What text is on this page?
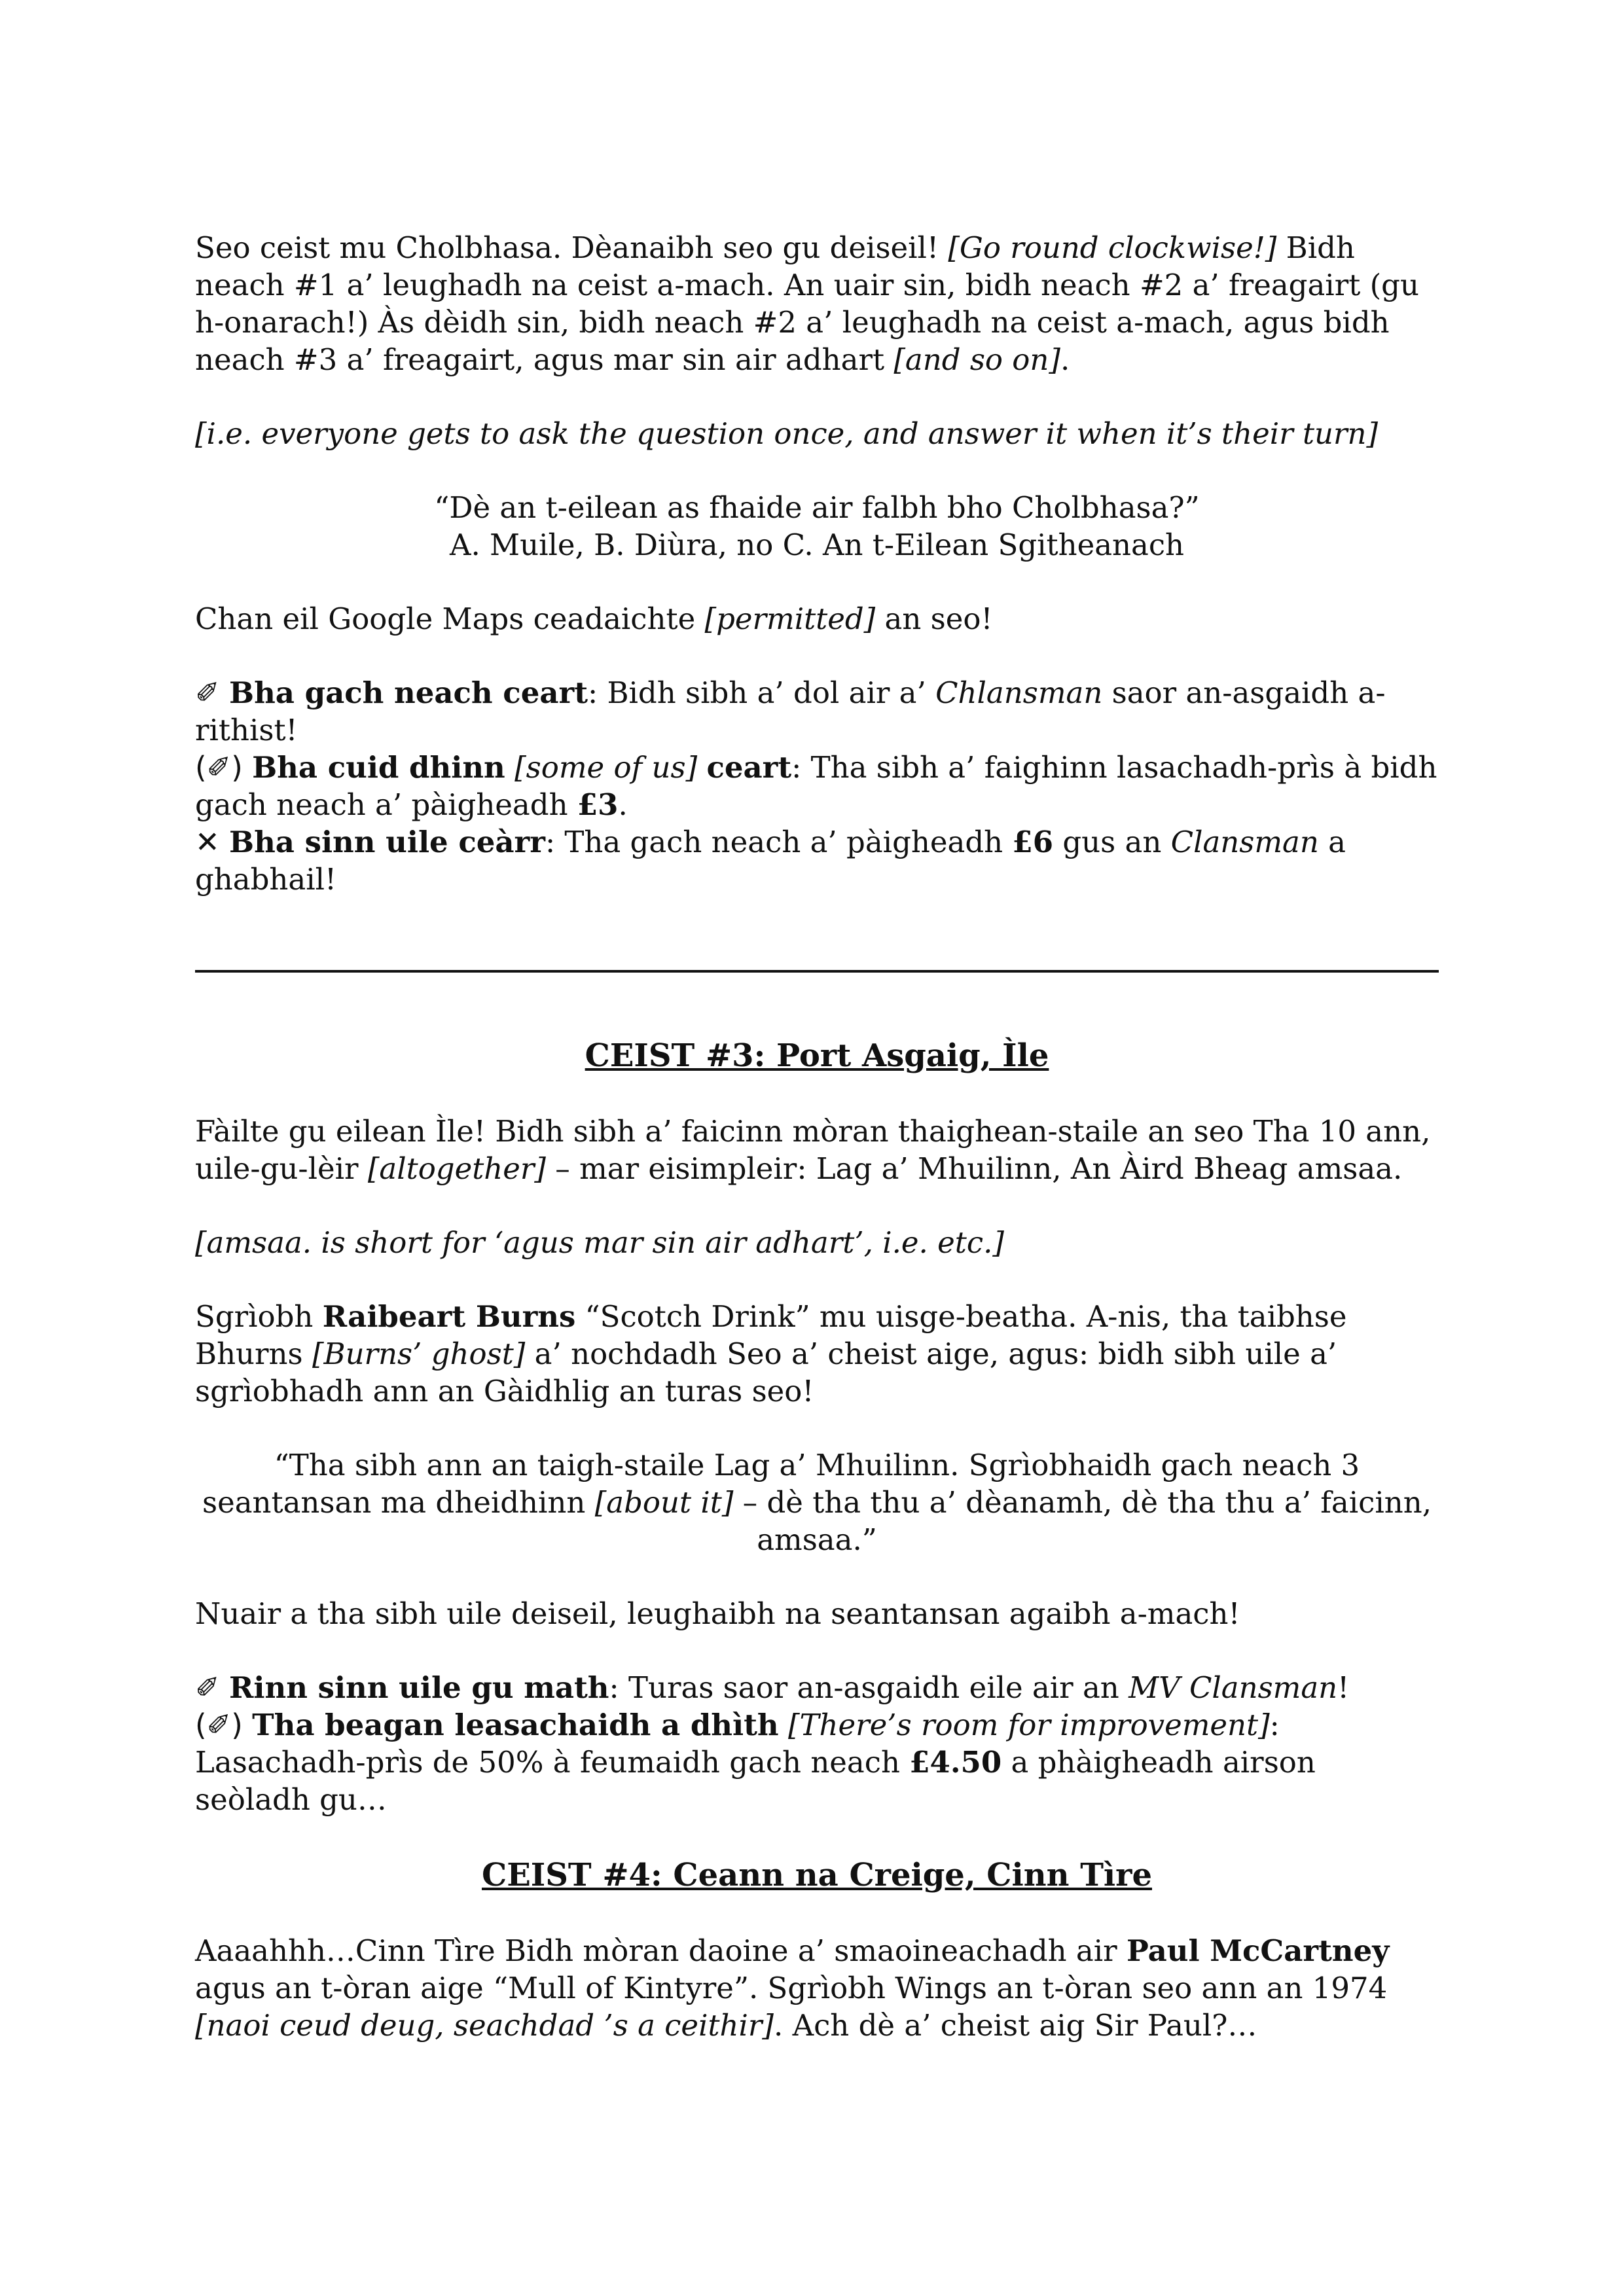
Seo ceist mu Cholbhasa. Dèanaibh seo gu deiseil! [Go round clockwise!] Bidh neach #1 a’ leughadh na ceist a-mach. An uair sin, bidh neach #2 a’ freagairt (gu h-onarach!) Às dèidh sin, bidh neach #2 a’ leughadh na ceist a-mach, agus bidh neach #3 a’ freagairt, agus mar sin air adhart [and so on].

[i.e. everyone gets to ask the question once, and answer it when it’s their turn]

“Dè an t-eilean as fhaide air falbh bho Cholbhasa?”

A. Muile, B. Diùra, no C. An t-Eilean Sgitheanach

Chan eil Google Maps ceadaichte [permitted] an seo!

✐ Bha gach neach ceart: Bidh sibh a’ dol air a’ Chlansman saor an-asgaidh a-rithist!

(✐) Bha cuid dhinn [some of us] ceart: Tha sibh a’ faighinn lasachadh-prìs à bidh gach neach a’ pàigheadh £3.

✕ Bha sinn uile ceàrr: Tha gach neach a’ pàigheadh £6 gus an Clansman a ghabhail!

CEIST #3: Port Asgaig, Ìle

Fàilte gu eilean Ìle! Bidh sibh a’ faicinn mòran thaighean-staile an seo Tha 10 ann, uile-gu-lèir [altogether] – mar eisimpleir: Lag a’ Mhuilinn, An Àird Bheag amsaa.

[amsaa. is short for ‘agus mar sin air adhart’, i.e. etc.]

Sgrìobh Raibeart Burns “Scotch Drink” mu uisge-beatha. A-nis, tha taibhse Bhurns [Burns’ ghost] a’ nochdadh Seo a’ cheist aige, agus: bidh sibh uile a’ sgrìobhadh ann an Gàidhlig an turas seo!

“Tha sibh ann an taigh-staile Lag a’ Mhuilinn. Sgrìobhaidh gach neach 3 seantansan ma dheidhinn [about it] – dè tha thu a’ dèanamh, dè tha thu a’ faicinn, amsaa.”

Nuair a tha sibh uile deiseil, leughaibh na seantansan agaibh a-mach!

✐ Rinn sinn uile gu math: Turas saor an-asgaidh eile air an MV Clansman!

(✐) Tha beagan leasachaidh a dhìth [There’s room for improvement]: Lasachadh-prìs de 50% à feumaidh gach neach £4.50 a phàigheadh airson seòladh gu…

CEIST #4: Ceann na Creige, Cinn Tìre

Aaaahhh…Cinn Tìre Bidh mòran daoine a’ smaoineachadh air Paul McCartney agus an t-òran aige “Mull of Kintyre”. Sgrìobh Wings an t-òran seo ann an 1974 [naoi ceud deug, seachdad ’s a ceithir]. Ach dè a’ cheist aig Sir Paul?…
